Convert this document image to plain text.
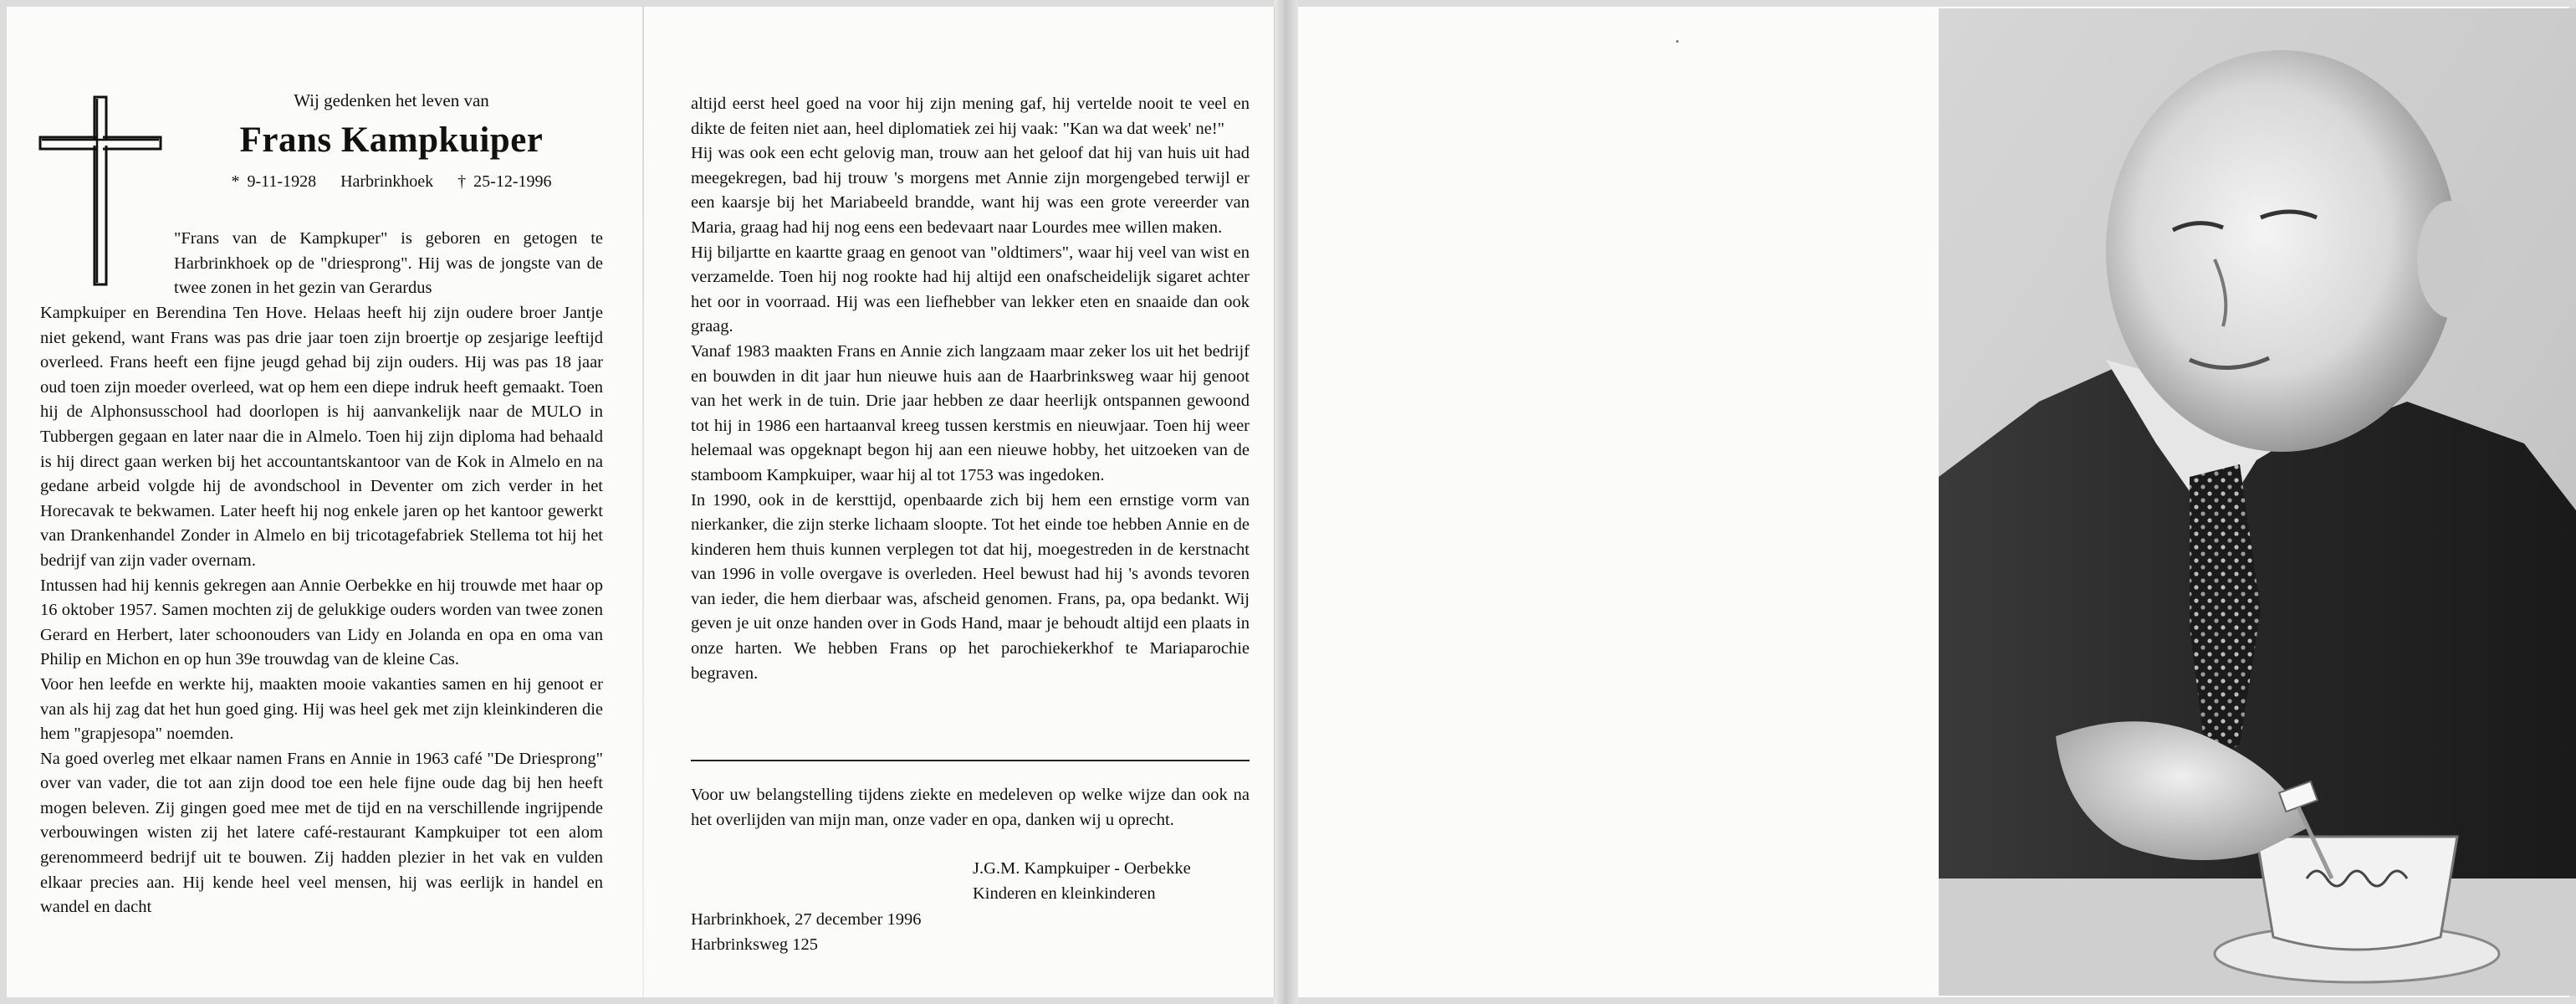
Wij gedenken het leven van

Frans Kampkuiper

* 9-11-1928 Harbrinkhoek † 25-12-1996

"Frans van de Kampkuper" is geboren en getogen te Harbrinkhoek op de "driesprong". Hij was de jongste van de twee zonen in het gezin van Gerardus

Kampkuiper en Berendina Ten Hove. Helaas heeft hij zijn oudere broer Jantje niet gekend, want Frans was pas drie jaar toen zijn broertje op zesjarige leeftijd overleed. Frans heeft een fijne jeugd gehad bij zijn ouders. Hij was pas 18 jaar oud toen zijn moeder overleed, wat op hem een diepe indruk heeft gemaakt. Toen hij de Alphonsusschool had doorlopen is hij aanvankelijk naar de MULO in Tubbergen gegaan en later naar die in Almelo. Toen hij zijn diploma had behaald is hij direct gaan werken bij het accountantskantoor van de Kok in Almelo en na gedane arbeid volgde hij de avondschool in Deventer om zich verder in het Horecavak te bekwamen. Later heeft hij nog enkele jaren op het kantoor gewerkt van Drankenhandel Zonder in Almelo en bij tricotagefabriek Stellema tot hij het bedrijf van zijn vader overnam.

Intussen had hij kennis gekregen aan Annie Oerbekke en hij trouwde met haar op 16 oktober 1957. Samen mochten zij de gelukkige ouders worden van twee zonen Gerard en Herbert, later schoonouders van Lidy en Jolanda en opa en oma van Philip en Michon en op hun 39e trouwdag van de kleine Cas.

Voor hen leefde en werkte hij, maakten mooie vakanties samen en hij genoot er van als hij zag dat het hun goed ging. Hij was heel gek met zijn kleinkinderen die hem "grapjesopa" noemden.

Na goed overleg met elkaar namen Frans en Annie in 1963 café "De Driesprong" over van vader, die tot aan zijn dood toe een hele fijne oude dag bij hen heeft mogen beleven. Zij gingen goed mee met de tijd en na verschillende ingrijpende verbouwingen wisten zij het latere café-restaurant Kampkuiper tot een alom gerenommeerd bedrijf uit te bouwen. Zij hadden plezier in het vak en vulden elkaar precies aan. Hij kende heel veel mensen, hij was eerlijk in handel en wandel en dacht

altijd eerst heel goed na voor hij zijn mening gaf, hij vertelde nooit te veel en dikte de feiten niet aan, heel diplomatiek zei hij vaak: "Kan wa dat week' ne!"

Hij was ook een echt gelovig man, trouw aan het geloof dat hij van huis uit had meegekregen, bad hij trouw 's morgens met Annie zijn morgengebed terwijl er een kaarsje bij het Mariabeeld brandde, want hij was een grote vereerder van Maria, graag had hij nog eens een bedevaart naar Lourdes mee willen maken.

Hij biljartte en kaartte graag en genoot van "oldtimers", waar hij veel van wist en verzamelde. Toen hij nog rookte had hij altijd een onafscheidelijk sigaret achter het oor in voorraad. Hij was een liefhebber van lekker eten en snaaide dan ook graag.

Vanaf 1983 maakten Frans en Annie zich langzaam maar zeker los uit het bedrijf en bouwden in dit jaar hun nieuwe huis aan de Haarbrinksweg waar hij genoot van het werk in de tuin. Drie jaar hebben ze daar heerlijk ontspannen gewoond tot hij in 1986 een hartaanval kreeg tussen kerstmis en nieuwjaar. Toen hij weer helemaal was opgeknapt begon hij aan een nieuwe hobby, het uitzoeken van de stamboom Kampkuiper, waar hij al tot 1753 was ingedoken.

In 1990, ook in de kersttijd, openbaarde zich bij hem een ernstige vorm van nierkanker, die zijn sterke lichaam sloopte. Tot het einde toe hebben Annie en de kinderen hem thuis kunnen verplegen tot dat hij, moegestreden in de kerstnacht van 1996 in volle overgave is overleden. Heel bewust had hij 's avonds tevoren van ieder, die hem dierbaar was, afscheid genomen. Frans, pa, opa bedankt. Wij geven je uit onze handen over in Gods Hand, maar je behoudt altijd een plaats in onze harten. We hebben Frans op het parochiekerkhof te Mariaparochie begraven.

Voor uw belangstelling tijdens ziekte en medeleven op welke wijze dan ook na het overlijden van mijn man, onze vader en opa, danken wij u oprecht.

J.G.M. Kampkuiper - Oerbekke
Kinderen en kleinkinderen
Harbrinkhoek, 27 december 1996
Harbrinksweg 125
